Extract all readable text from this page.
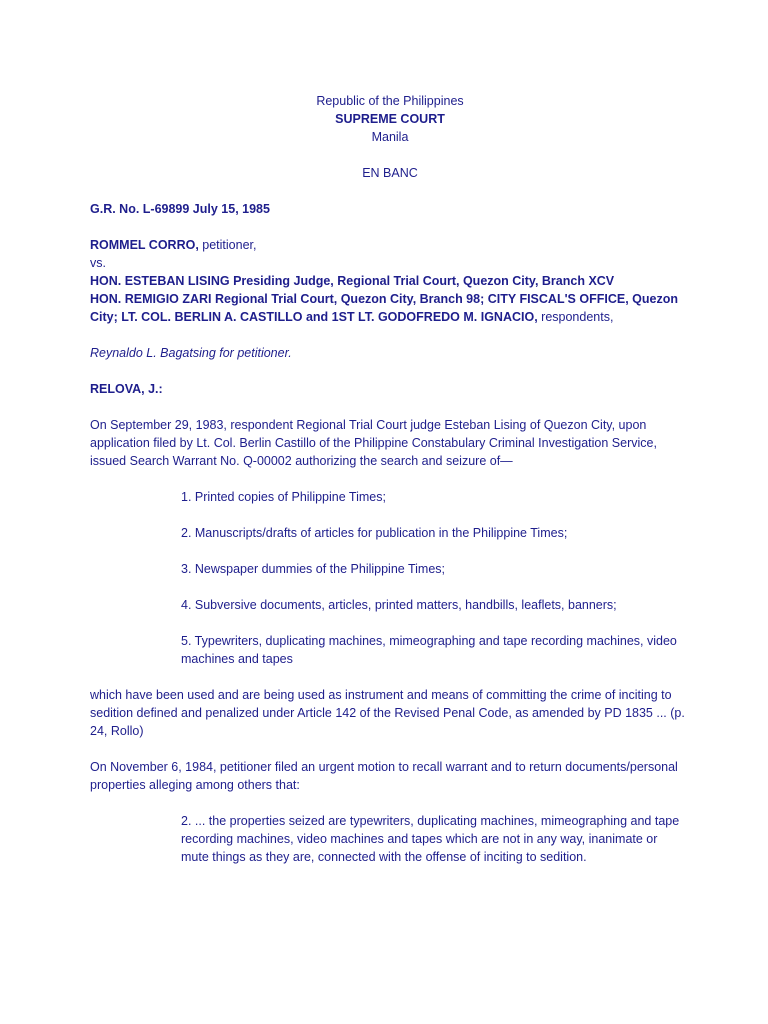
Republic of the Philippines

SUPREME COURT

Manila

EN BANC

G.R. No. L-69899 July 15, 1985

ROMMEL CORRO, petitioner,

vs.

HON. ESTEBAN LISING Presiding Judge, Regional Trial Court, Quezon City, Branch XCV

HON. REMIGIO ZARI Regional Trial Court, Quezon City, Branch 98; CITY FISCAL'S OFFICE, Quezon City; LT. COL. BERLIN A. CASTILLO and 1ST LT. GODOFREDO M. IGNACIO, respondents,

Reynaldo L. Bagatsing for petitioner.

RELOVA, J.:

On September 29, 1983, respondent Regional Trial Court judge Esteban Lising of Quezon City, upon application filed by Lt. Col. Berlin Castillo of the Philippine Constabulary Criminal Investigation Service, issued Search Warrant No. Q-00002 authorizing the search and seizure of—

1. Printed copies of Philippine Times;

2. Manuscripts/drafts of articles for publication in the Philippine Times;

3. Newspaper dummies of the Philippine Times;

4. Subversive documents, articles, printed matters, handbills, leaflets, banners;

5. Typewriters, duplicating machines, mimeographing and tape recording machines, video machines and tapes

which have been used and are being used as instrument and means of committing the crime of inciting to sedition defined and penalized under Article 142 of the Revised Penal Code, as amended by PD 1835 ... (p. 24, Rollo)

On November 6, 1984, petitioner filed an urgent motion to recall warrant and to return documents/personal properties alleging among others that:

2. ... the properties seized are typewriters, duplicating machines, mimeographing and tape recording machines, video machines and tapes which are not in any way, inanimate or mute things as they are, connected with the offense of inciting to sedition.
